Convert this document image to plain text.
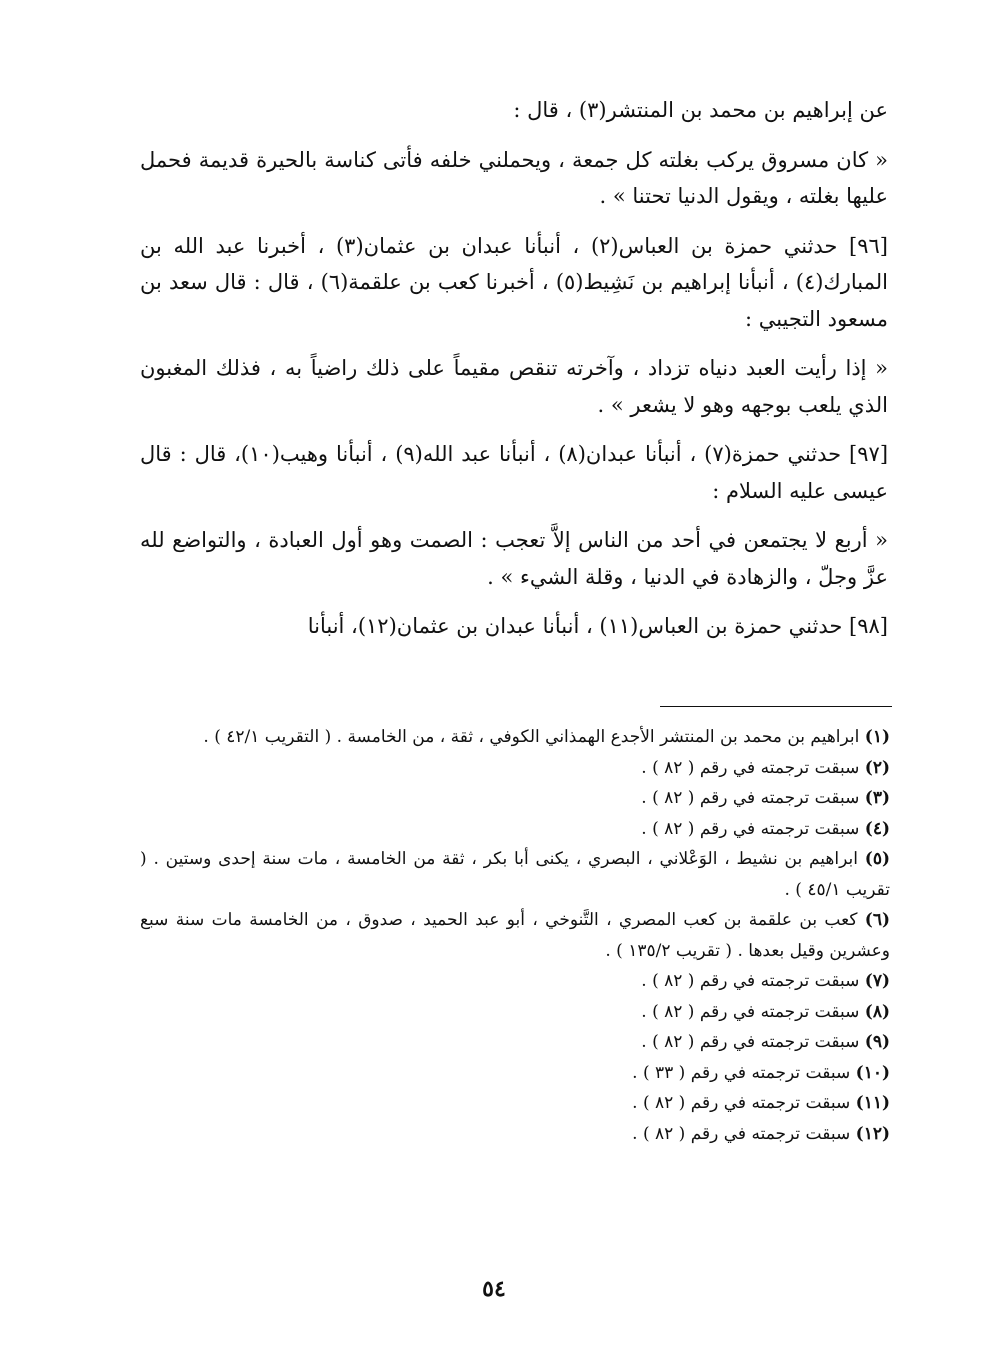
عن إبراهيم بن محمد بن المنتشر(٣) ، قال :

« كان مسروق يركب بغلته كل جمعة ، ويحملني خلفه فأتى كناسة بالحيرة قديمة فحمل عليها بغلته ، ويقول الدنيا تحتنا » .

[٩٦] حدثني حمزة بن العباس(٢) ، أنبأنا عبدان بن عثمان(٣) ، أخبرنا عبد الله بن المبارك(٤) ، أنبأنا إبراهيم بن نَشِيط(٥) ، أخبرنا كعب بن علقمة(٦) ، قال : قال سعد بن مسعود التجيبي :

« إذا رأيت العبد دنياه تزداد ، وآخرته تنقص مقيماً على ذلك راضياً به ، فذلك المغبون الذي يلعب بوجهه وهو لا يشعر » .

[٩٧] حدثني حمزة(٧) ، أنبأنا عبدان(٨) ، أنبأنا عبد الله(٩) ، أنبأنا وهيب(١٠)، قال : قال عيسى عليه السلام :

« أربع لا يجتمعن في أحد من الناس إلاَّ تعجب : الصمت وهو أول العبادة ، والتواضع لله عزَّ وجلّ ، والزهادة في الدنيا ، وقلة الشيء » .

[٩٨] حدثني حمزة بن العباس(١١) ، أنبأنا عبدان بن عثمان(١٢)، أنبأنا

(١) ابراهيم بن محمد بن المنتشر الأجدع الهمذاني الكوفي ، ثقة ، من الخامسة . ( التقريب ٤٢/١ ) .

(٢) سبقت ترجمته في رقم ( ٨٢ ) .

(٣) سبقت ترجمته في رقم ( ٨٢ ) .

(٤) سبقت ترجمته في رقم ( ٨٢ ) .

(٥) ابراهيم بن نشيط ، الوَعْلاني ، البصري ، يكنى أبا بكر ، ثقة من الخامسة ، مات سنة إحدى وستين . ( تقريب ٤٥/١ ) .

(٦) كعب بن علقمة بن كعب المصري ، التَّنوخي ، أبو عبد الحميد ، صدوق ، من الخامسة مات سنة سبع وعشرين وقيل بعدها . ( تقريب ١٣٥/٢ ) .

(٧) سبقت ترجمته في رقم ( ٨٢ ) .

(٨) سبقت ترجمته في رقم ( ٨٢ ) .

(٩) سبقت ترجمته في رقم ( ٨٢ ) .

(١٠) سبقت ترجمته في رقم ( ٣٣ ) .

(١١) سبقت ترجمته في رقم ( ٨٢ ) .

(١٢) سبقت ترجمته في رقم ( ٨٢ ) .

٥٤
